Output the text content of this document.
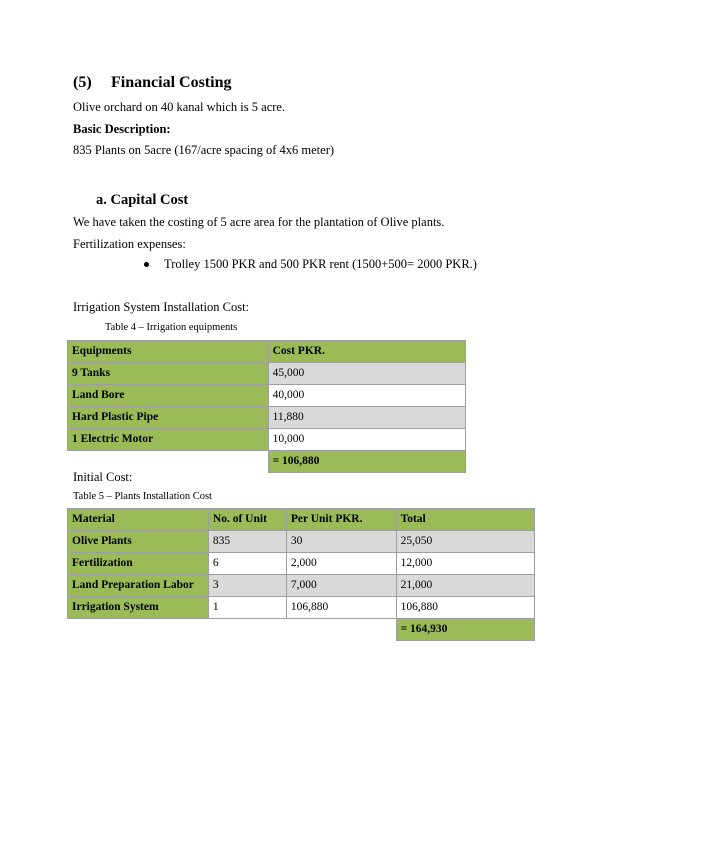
(5) Financial Costing
Olive orchard on 40 kanal which is 5 acre.
Basic Description:
835 Plants on 5acre (167/acre spacing of 4x6 meter)
a. Capital Cost
We have taken the costing of 5 acre area for the plantation of Olive plants.
Fertilization expenses:
Trolley 1500 PKR and 500 PKR rent (1500+500= 2000 PKR.)
Irrigation System Installation Cost:
Table 4 – Irrigation equipments
Equipments	Cost PKR.
9 Tanks	45,000
Land Bore	40,000
Hard Plastic Pipe	11,880
1 Electric Motor	10,000
	= 106,880
Initial Cost:
Table 5 – Plants Installation Cost
Material	No. of Unit	Per Unit PKR.	Total
Olive Plants	835	30	25,050
Fertilization	6	2,000	12,000
Land Preparation Labor	3	7,000	21,000
Irrigation System	1	106,880	106,880
			= 164,930
